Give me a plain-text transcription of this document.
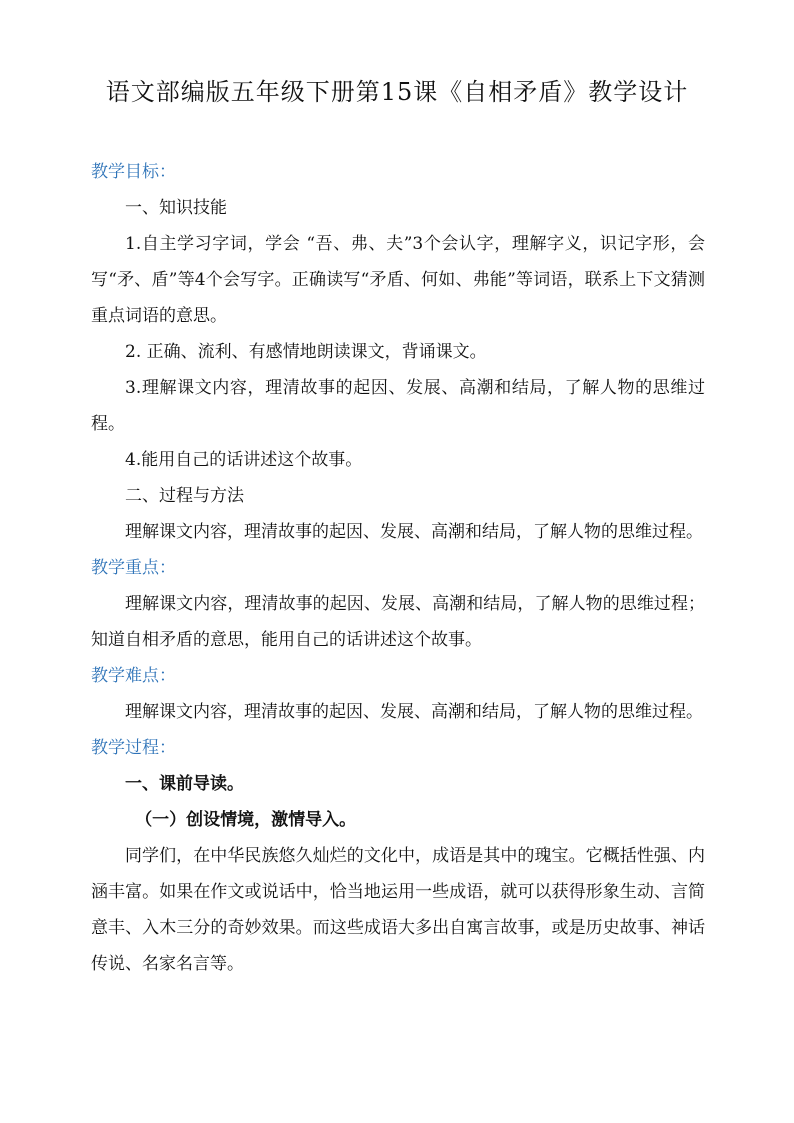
语文部编版五年级下册第15课《自相矛盾》教学设计
教学目标：
一、知识技能
1.自主学习字词，学会 “吾、弗、夫”3个会认字，理解字义，识记字形，会写“矛、盾”等4个会写字。正确读写“矛盾、何如、弗能”等词语，联系上下文猜测重点词语的意思。
2. 正确、流利、有感情地朗读课文，背诵课文。
3.理解课文内容，理清故事的起因、发展、高潮和结局，了解人物的思维过程。
4.能用自己的话讲述这个故事。
二、过程与方法
理解课文内容，理清故事的起因、发展、高潮和结局，了解人物的思维过程。
教学重点：
理解课文内容，理清故事的起因、发展、高潮和结局，了解人物的思维过程；知道自相矛盾的意思，能用自己的话讲述这个故事。
教学难点：
理解课文内容，理清故事的起因、发展、高潮和结局，了解人物的思维过程。
教学过程：
一、课前导读。
（一）创设情境，激情导入。
同学们，在中华民族悠久灿烂的文化中，成语是其中的瑰宝。它概括性强、内涵丰富。如果在作文或说话中，恰当地运用一些成语，就可以获得形象生动、言简意丰、入木三分的奇妙效果。而这些成语大多出自寓言故事，或是历史故事、神话传说、名家名言等。
